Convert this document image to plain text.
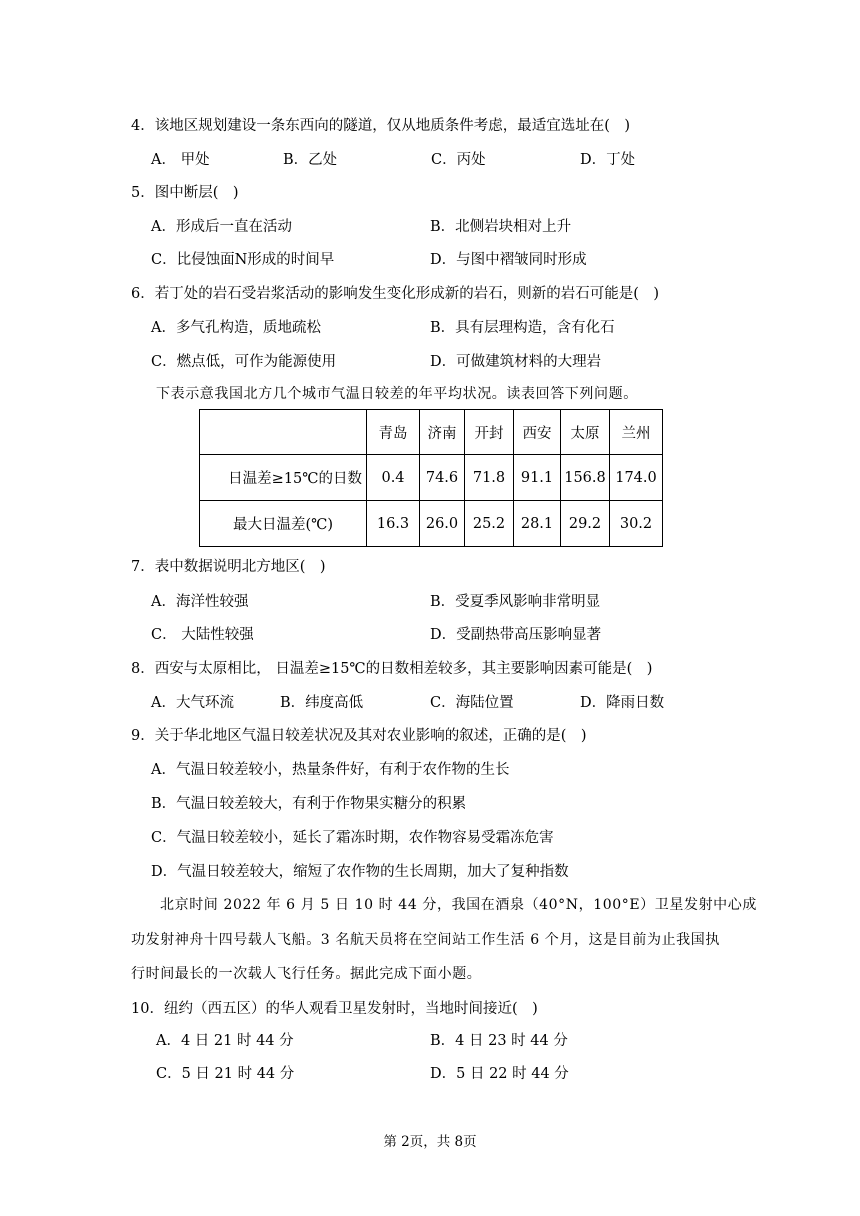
4．该地区规划建设一条东西向的隧道，仅从地质条件考虑，最适宜选址在(　)
A． 甲处	B．乙处	C．丙处	D．丁处
5．图中断层(　)
A．形成后一直在活动	B．北侧岩块相对上升
C．比侵蚀面N形成的时间早	D．与图中褶皱同时形成
6．若丁处的岩石受岩浆活动的影响发生变化形成新的岩石，则新的岩石可能是(　)
A．多气孔构造，质地疏松	B．具有层理构造，含有化石
C．燃点低，可作为能源使用	D．可做建筑材料的大理岩
下表示意我国北方几个城市气温日较差的年平均状况。读表回答下列问题。
	青岛	济南	开封	西安	太原	兰州
日温差≥15℃的日数	0.4	74.6	71.8	91.1	156.8	174.0
最大日温差(℃)	16.3	26.0	25.2	28.1	29.2	30.2
7．表中数据说明北方地区(　)
A．海洋性较强	B．受夏季风影响非常明显
C． 大陆性较强	D．受副热带高压影响显著
8．西安与太原相比， 日温差≥15℃的日数相差较多，其主要影响因素可能是(　)
A．大气环流	B．纬度高低	C．海陆位置	D．降雨日数
9．关于华北地区气温日较差状况及其对农业影响的叙述，正确的是(　)
A．气温日较差较小，热量条件好，有利于农作物的生长
B．气温日较差较大，有利于作物果实糖分的积累
C．气温日较差较小，延长了霜冻时期，农作物容易受霜冻危害
D．气温日较差较大，缩短了农作物的生长周期，加大了复种指数
北京时间 2022 年 6 月 5 日 10 时 44 分，我国在酒泉（40°N，100°E）卫星发射中心成
功发射神舟十四号载人飞船。3 名航天员将在空间站工作生活 6 个月，这是目前为止我国执
行时间最长的一次载人飞行任务。据此完成下面小题。
10．纽约（西五区）的华人观看卫星发射时，当地时间接近(　)
A．4 日 21 时 44 分	B．4 日 23 时 44 分
C．5 日 21 时 44 分	D．5 日 22 时 44 分
第 2页，共 8页
